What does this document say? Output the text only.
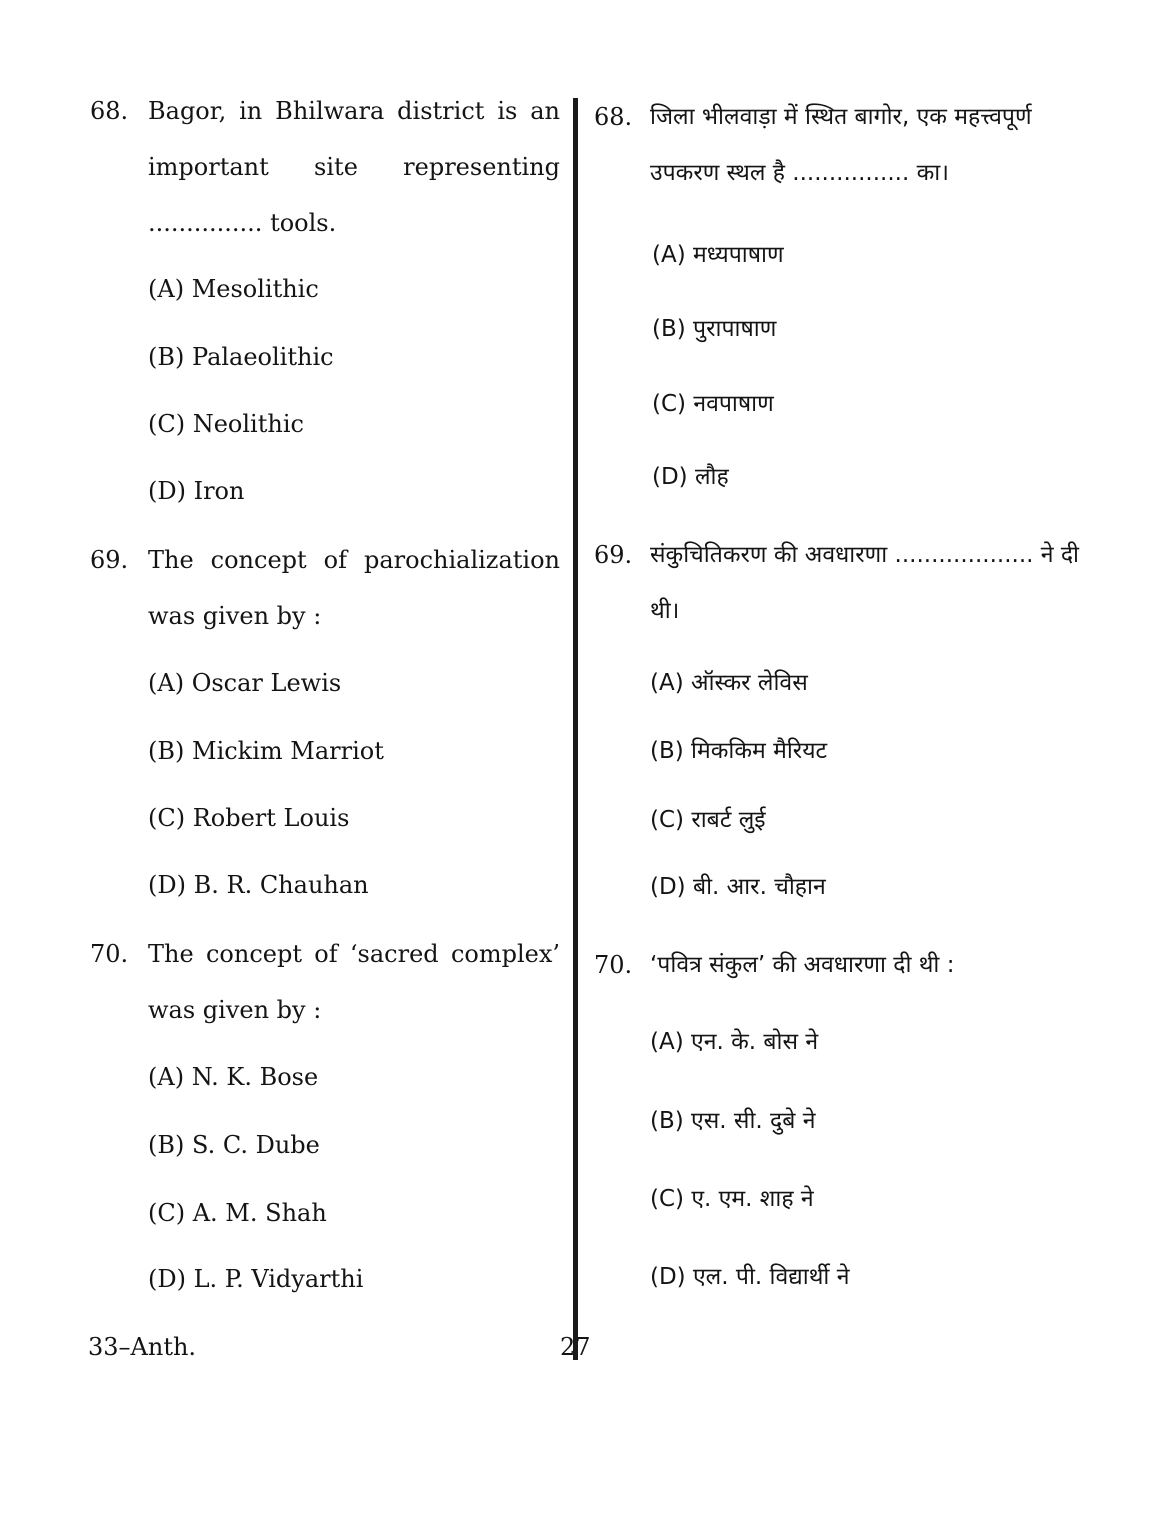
68. Bagor, in Bhilwara district is an important site representing ............... tools.
(A) Mesolithic
(B) Palaeolithic
(C) Neolithic
(D) Iron
69. The concept of parochialization was given by :
(A) Oscar Lewis
(B) Mickim Marriot
(C) Robert Louis
(D) B. R. Chauhan
70. The concept of ‘sacred complex’ was given by :
(A) N. K. Bose
(B) S. C. Dube
(C) A. M. Shah
(D) L. P. Vidyarthi
68. जिला भीलवाड़ा में स्थित बागोर, एक महत्त्वपूर्ण उपकरण स्थल है ................ का।
(A) मध्यपाषाण
(B) पुरापाषाण
(C) नवपाषाण
(D) लौह
69. संकुचितिकरण की अवधारणा ................... ने दी थी।
(A) ऑस्कर लेविस
(B) मिककिम मैरियट
(C) राबर्ट लुई
(D) बी. आर. चौहान
70. ‘पवित्र संकुल’ की अवधारणा दी थी :
(A) एन. के. बोस ने
(B) एस. सी. दुबे ने
(C) ए. एम. शाह ने
(D) एल. पी. विद्यार्थी ने
33–Anth.	27
